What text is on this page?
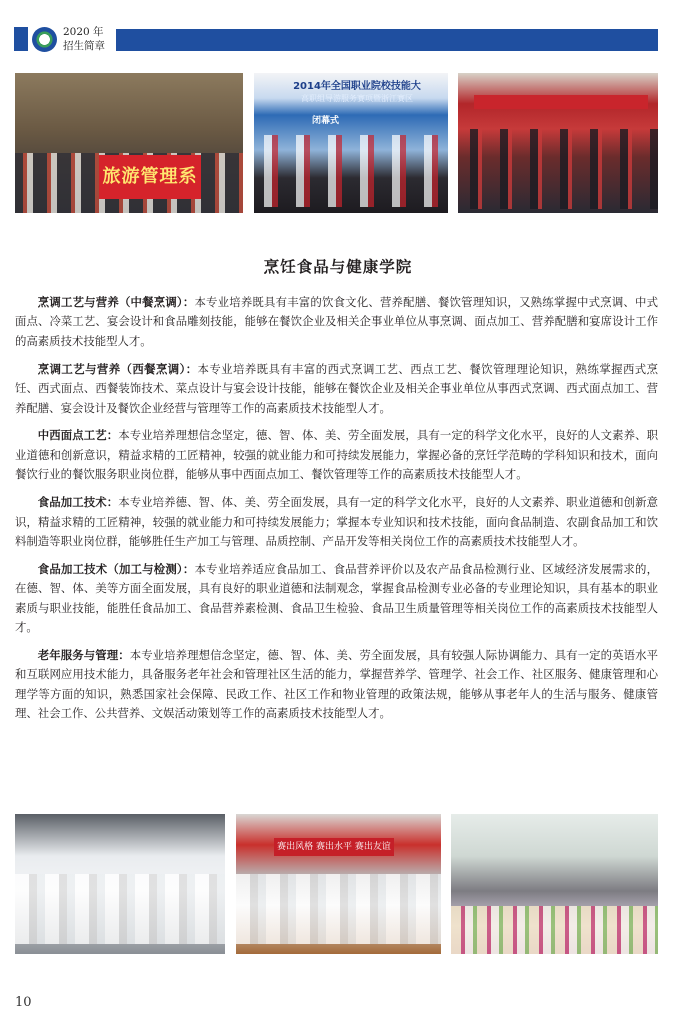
2020 年
招生简章
旅游管理系
2014年全国职业院校技能大
高职组导游服务赛项暨浙江赛区
闭幕式
烹饪食品与健康学院

烹调工艺与营养（中餐烹调）：本专业培养既具有丰富的饮食文化、营养配膳、餐饮管理知识，又熟练掌握中式烹调、中式面点、冷菜工艺、宴会设计和食品雕刻技能，能够在餐饮企业及相关企事业单位从事烹调、面点加工、营养配膳和宴席设计工作的高素质技术技能型人才。

烹调工艺与营养（西餐烹调）：本专业培养既具有丰富的西式烹调工艺、西点工艺、餐饮管理理论知识，熟练掌握西式烹饪、西式面点、西餐装饰技术、菜点设计与宴会设计技能，能够在餐饮企业及相关企事业单位从事西式烹调、西式面点加工、营养配膳、宴会设计及餐饮企业经营与管理等工作的高素质技术技能型人才。

中西面点工艺：本专业培养理想信念坚定，德、智、体、美、劳全面发展，具有一定的科学文化水平，良好的人文素养、职业道德和创新意识，精益求精的工匠精神，较强的就业能力和可持续发展能力，掌握必备的烹饪学范畴的学科知识和技术，面向餐饮行业的餐饮服务职业岗位群，能够从事中西面点加工、餐饮管理等工作的高素质技术技能型人才。

食品加工技术：本专业培养德、智、体、美、劳全面发展，具有一定的科学文化水平，良好的人文素养、职业道德和创新意识，精益求精的工匠精神，较强的就业能力和可持续发展能力；掌握本专业知识和技术技能，面向食品制造、农副食品加工和饮料制造等职业岗位群，能够胜任生产加工与管理、品质控制、产品开发等相关岗位工作的高素质技术技能型人才。

食品加工技术（加工与检测）：本专业培养适应食品加工、食品营养评价以及农产品食品检测行业、区域经济发展需求的，在德、智、体、美等方面全面发展，具有良好的职业道德和法制观念，掌握食品检测专业必备的专业理论知识，具有基本的职业素质与职业技能，能胜任食品加工、食品营养素检测、食品卫生检验、食品卫生质量管理等相关岗位工作的高素质技术技能型人才。

老年服务与管理：本专业培养理想信念坚定，德、智、体、美、劳全面发展，具有较强人际协调能力、具有一定的英语水平和互联网应用技术能力，具备服务老年社会和管理社区生活的能力，掌握营养学、管理学、社会工作、社区服务、健康管理和心理学等方面的知识，熟悉国家社会保障、民政工作、社区工作和物业管理的政策法规，能够从事老年人的生活与服务、健康管理、社会工作、公共营养、文娱活动策划等工作的高素质技术技能型人才。

赛出风格 赛出水平 赛出友谊
10
